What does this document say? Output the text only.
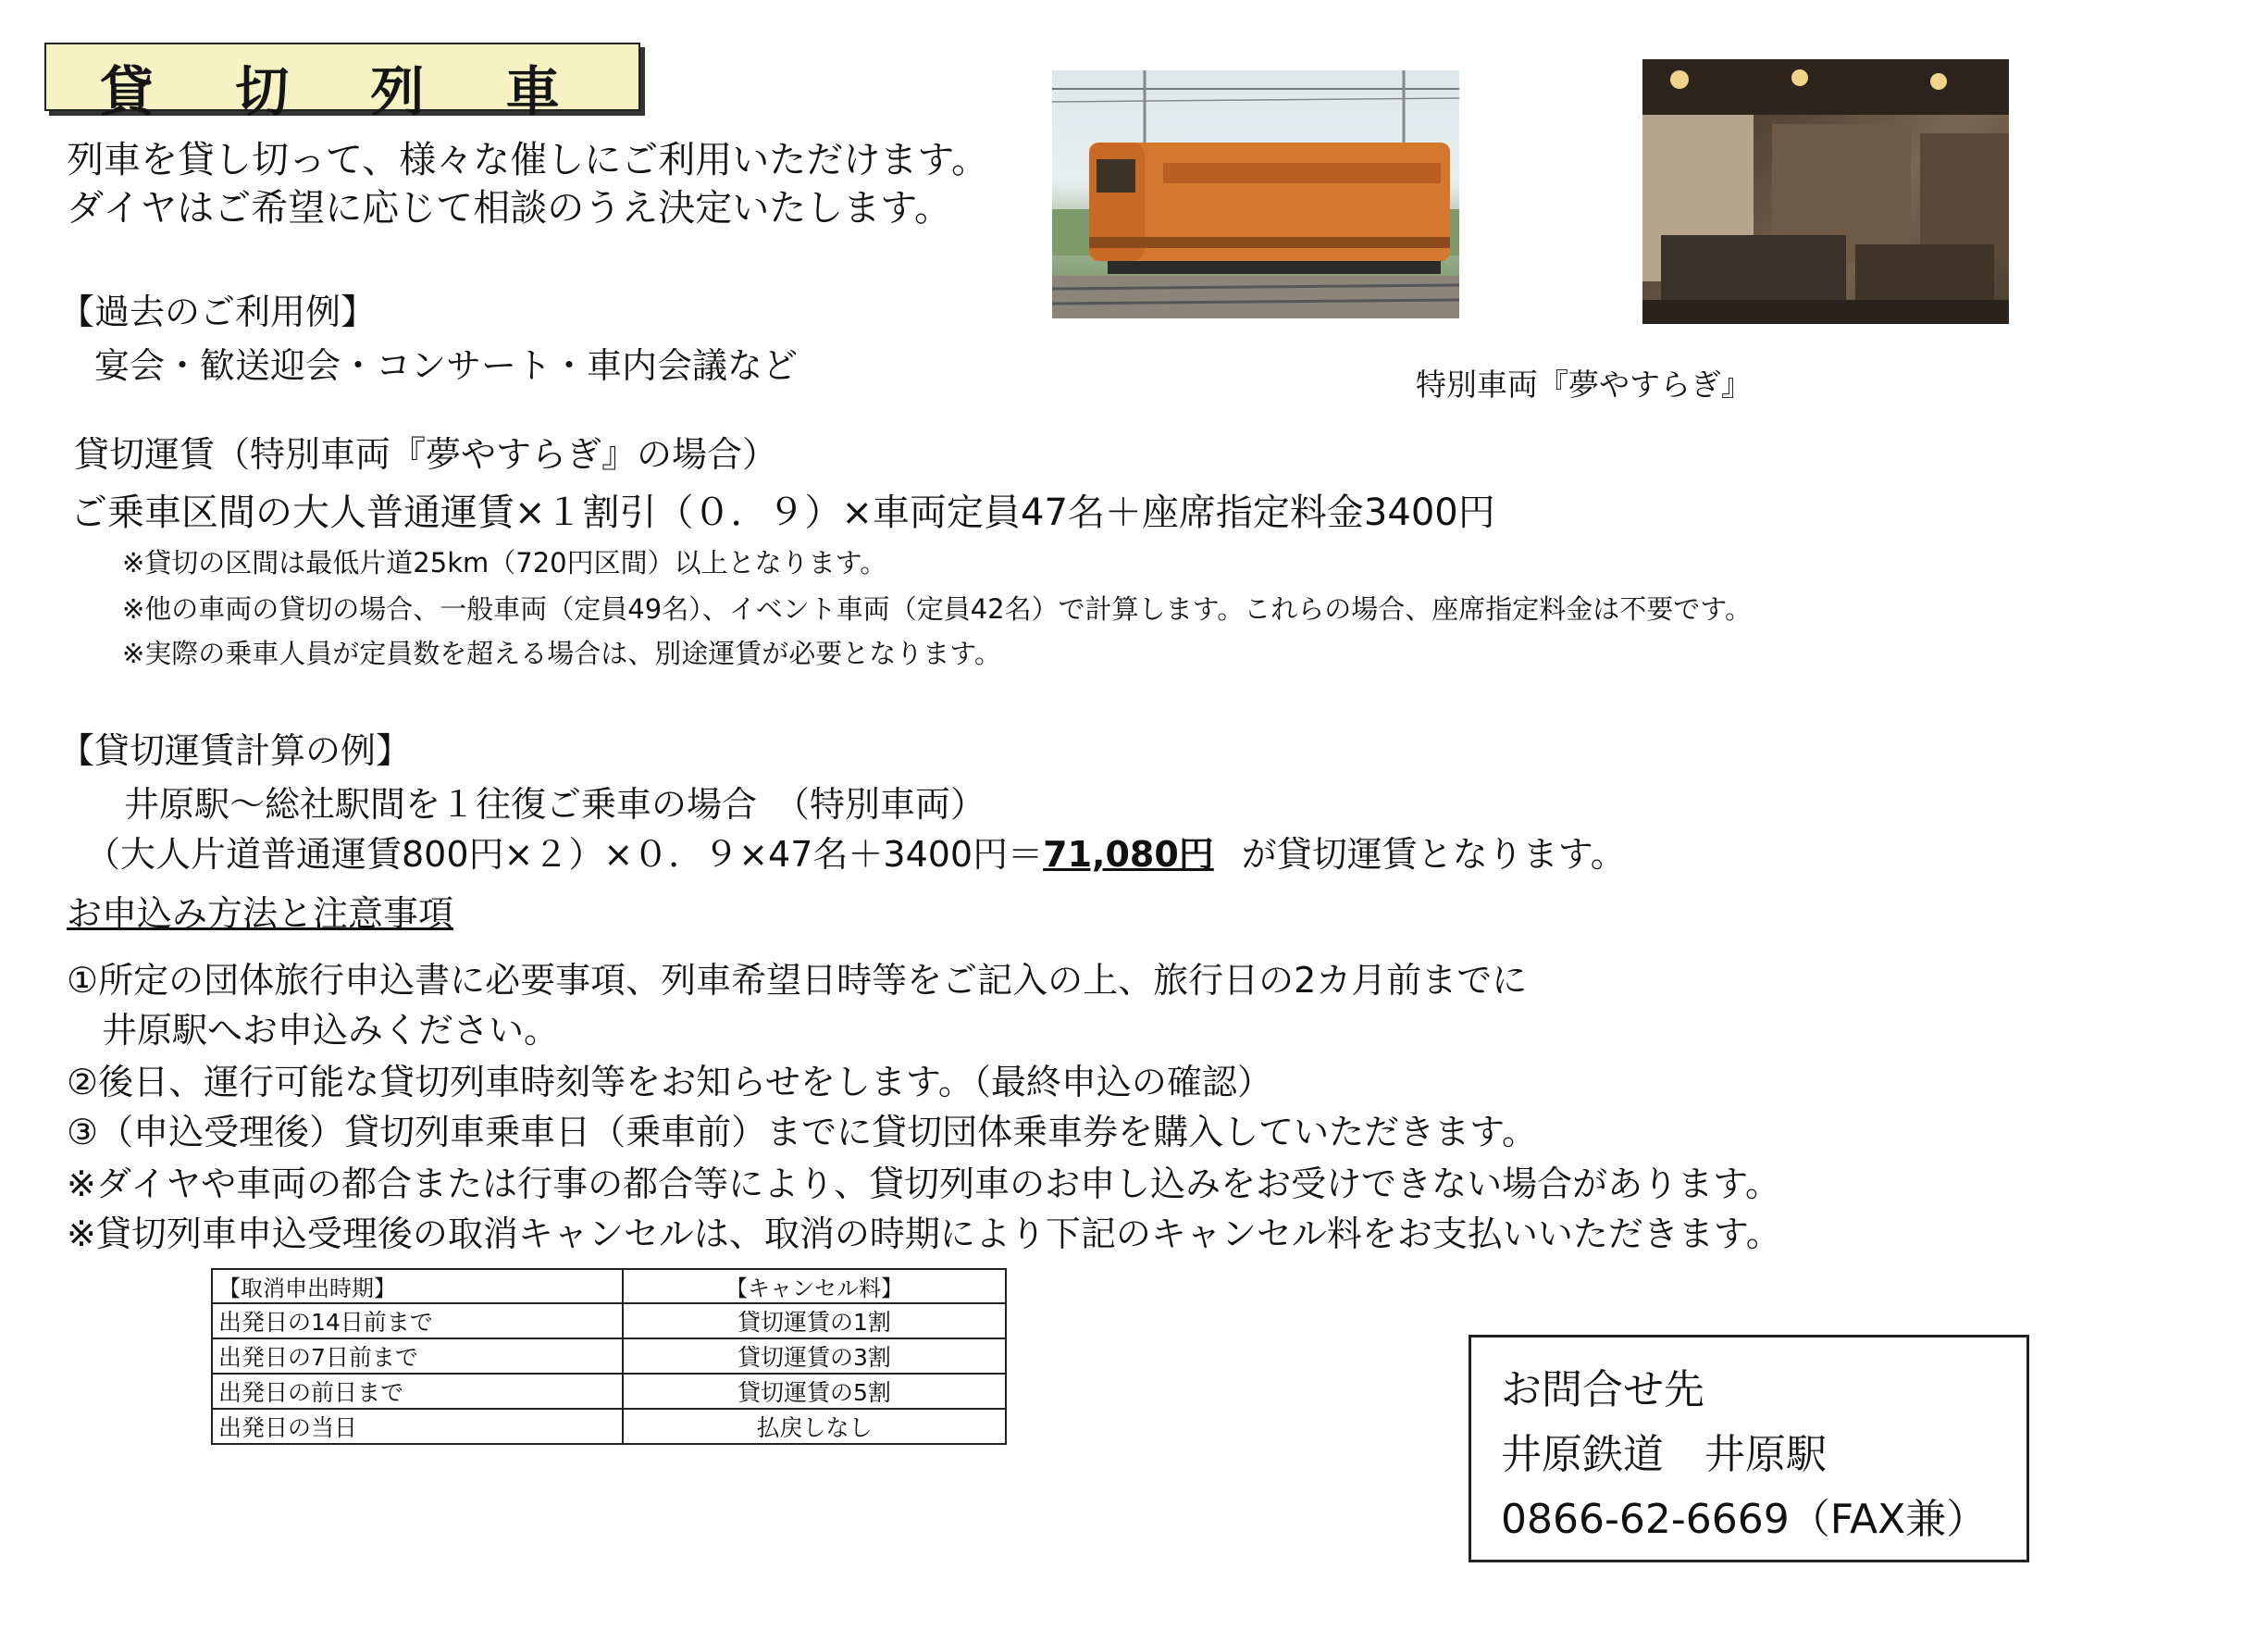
貸 切 列 車
列車を貸し切って、様々な催しにご利用いただけます。
ダイヤはご希望に応じて相談のうえ決定いたします。
【過去のご利用例】
宴会・歓送迎会・コンサート・車内会議など	特別車両『夢やすらぎ』
貸切運賃（特別車両『夢やすらぎ』の場合）
ご乗車区間の大人普通運賃×１割引（０．９）×車両定員47名＋座席指定料金3400円
※貸切の区間は最低片道25km（720円区間）以上となります。
※他の車両の貸切の場合、一般車両（定員49名）、イベント車両（定員42名）で計算します。これらの場合、座席指定料金は不要です。
※実際の乗車人員が定員数を超える場合は、別途運賃が必要となります。
【貸切運賃計算の例】
井原駅～総社駅間を１往復ご乗車の場合　（特別車両）
（大人片道普通運賃800円×２）×０．９×47名＋3400円＝71,080円 が貸切運賃となります。
お申込み方法と注意事項
①所定の団体旅行申込書に必要事項、列車希望日時等をご記入の上、旅行日の2カ月前までに
　井原駅へお申込みください。
②後日、運行可能な貸切列車時刻等をお知らせをします。（最終申込の確認）
③（申込受理後）貸切列車乗車日（乗車前）までに貸切団体乗車券を購入していただきます。
※ダイヤや車両の都合または行事の都合等により、貸切列車のお申し込みをお受けできない場合があります。
※貸切列車申込受理後の取消キャンセルは、取消の時期により下記のキャンセル料をお支払いいただきます。
【取消申出時期】	【キャンセル料】
出発日の14日前まで	貸切運賃の1割
出発日の7日前まで	貸切運賃の3割
出発日の前日まで	貸切運賃の5割
出発日の当日	払戻しなし
お問合せ先
井原鉄道　井原駅
0866-62-6669（FAX兼）
